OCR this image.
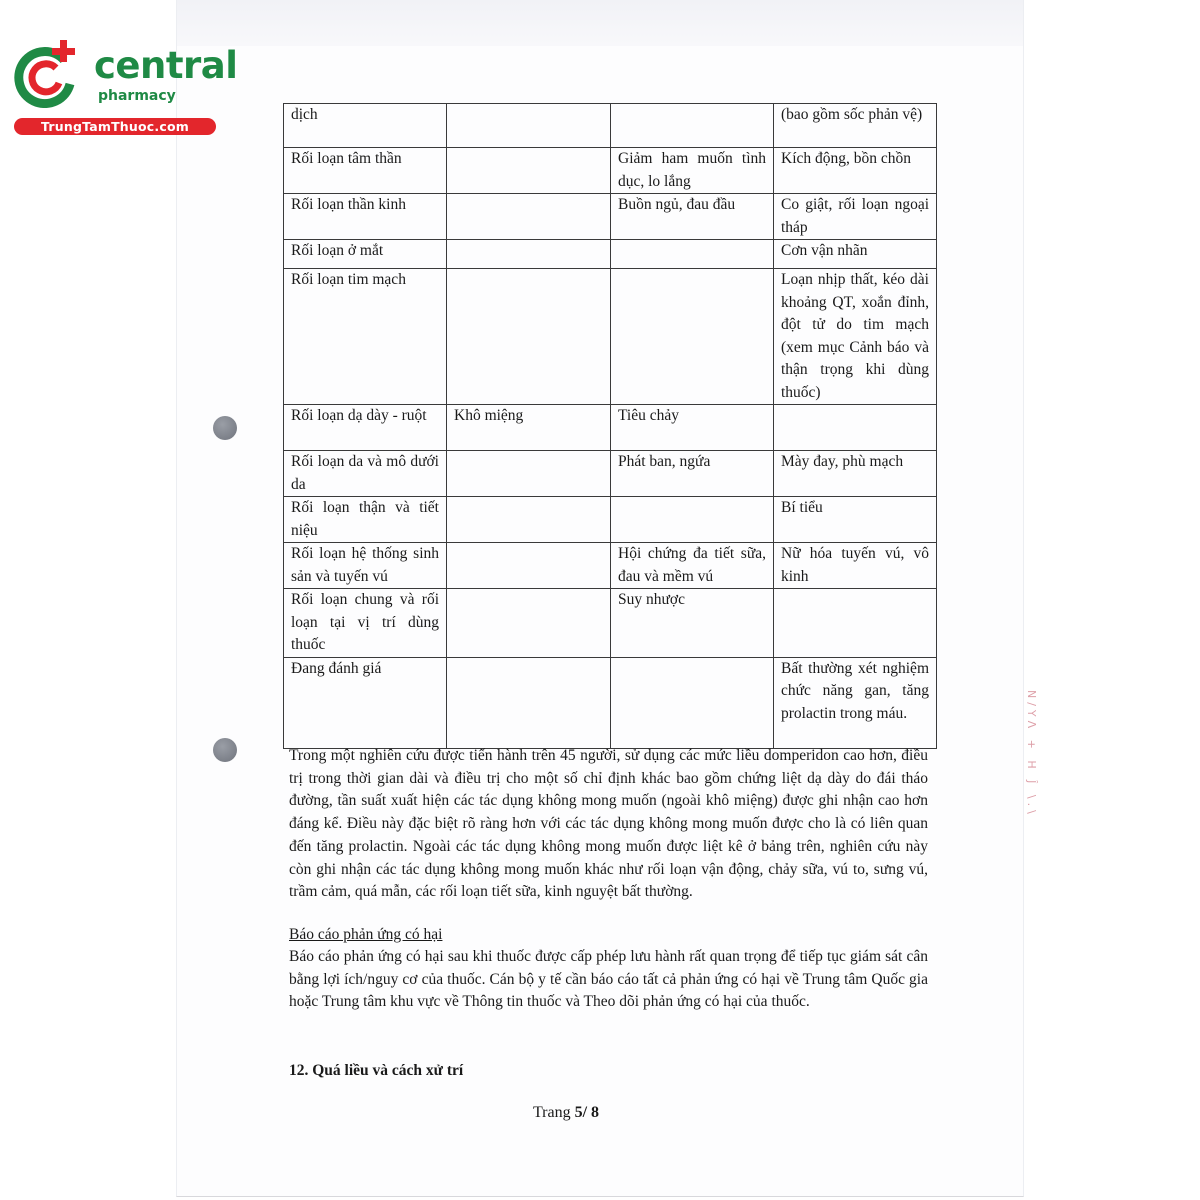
central
pharmacy
TrungTamThuoc.com
dịch			(bao gồm sốc phản vệ)
Rối loạn tâm thần		Giảm ham muốn tình dục, lo lắng	Kích động, bồn chồn
Rối loạn thần kinh		Buồn ngủ, đau đầu	Co giật, rối loạn ngoại tháp
Rối loạn ở mắt			Cơn vận nhãn
Rối loạn tim mạch			Loạn nhịp thất, kéo dài khoảng QT, xoắn đỉnh, đột tử do tim mạch (xem mục Cảnh báo và thận trọng khi dùng thuốc)
Rối loạn dạ dày - ruột	Khô miệng	Tiêu chảy	
Rối loạn da và mô dưới da		Phát ban, ngứa	Mày đay, phù mạch
Rối loạn thận và tiết niệu			Bí tiểu
Rối loạn hệ thống sinh sản và tuyến vú		Hội chứng đa tiết sữa, đau và mềm vú	Nữ hóa tuyến vú, vô kinh
Rối loạn chung và rối loạn tại vị trí dùng thuốc		Suy nhược	
Đang đánh giá			Bất thường xét nghiệm chức năng gan, tăng prolactin trong máu.
Trong một nghiên cứu được tiến hành trên 45 người, sử dụng các mức liều domperidon cao hơn, điều trị trong thời gian dài và điều trị cho một số chỉ định khác bao gồm chứng liệt dạ dày do đái tháo đường, tần suất xuất hiện các tác dụng không mong muốn (ngoài khô miệng) được ghi nhận cao hơn đáng kể. Điều này đặc biệt rõ ràng hơn với các tác dụng không mong muốn được cho là có liên quan đến tăng prolactin. Ngoài các tác dụng không mong muốn được liệt kê ở bảng trên, nghiên cứu này còn ghi nhận các tác dụng không mong muốn khác như rối loạn vận động, chảy sữa, vú to, sưng vú, trầm cảm, quá mẫn, các rối loạn tiết sữa, kinh nguyệt bất thường.
Báo cáo phản ứng có hại
Báo cáo phản ứng có hại sau khi thuốc được cấp phép lưu hành rất quan trọng để tiếp tục giám sát cân bằng lợi ích/nguy cơ của thuốc. Cán bộ y tế cần báo cáo tất cả phản ứng có hại về Trung tâm Quốc gia hoặc Trung tâm khu vực về Thông tin thuốc và Theo dõi phản ứng có hại của thuốc.
12. Quá liều và cách xử trí
Trang 5/ 8
Ν/ΥΛ + H Ĵ \.\
